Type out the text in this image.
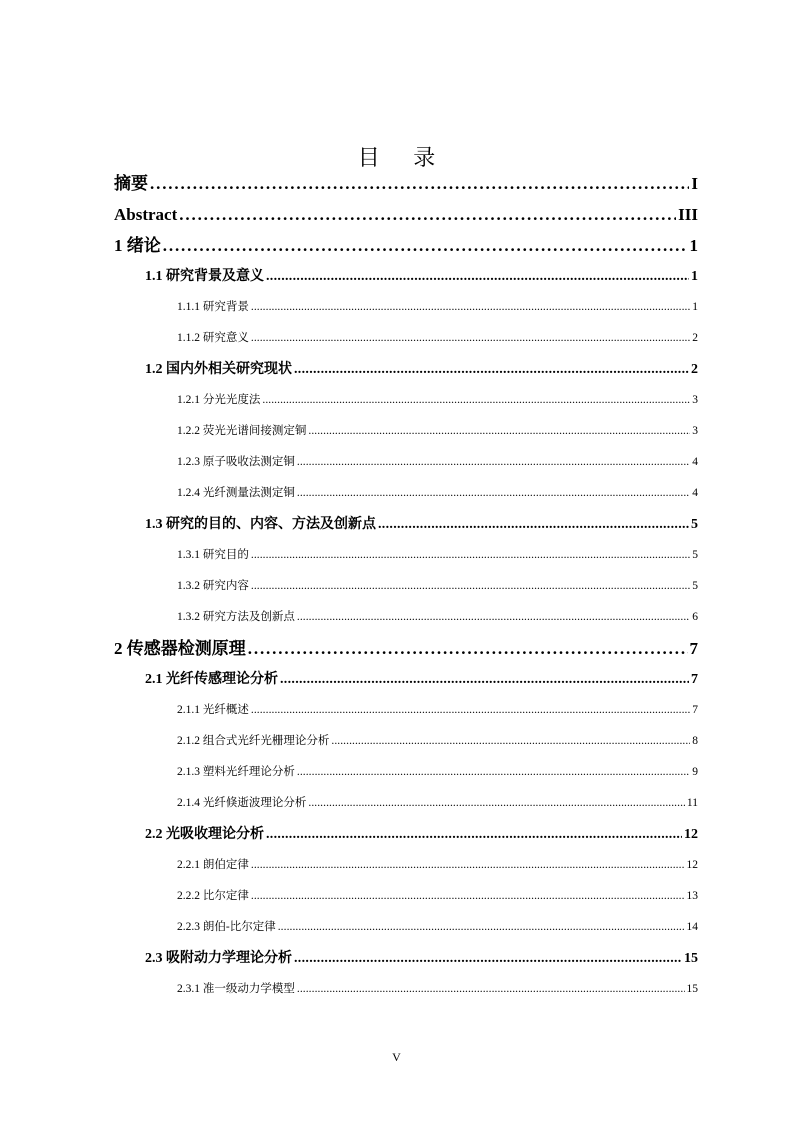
目 录
摘要 . . .	I
Abstract . . .	III
1 绪论 . . .	1
1.1 研究背景及意义 . . .	1
1.1.1 研究背景 . . .	1
1.1.2 研究意义 . . .	2
1.2 国内外相关研究现状 . . .	2
1.2.1 分光光度法 . . .	3
1.2.2 荧光光谱间接测定铜 . . .	3
1.2.3 原子吸收法测定铜 . . .	4
1.2.4 光纤测量法测定铜 . . .	4
1.3 研究的目的、内容、方法及创新点 . . .	5
1.3.1 研究目的 . . .	5
1.3.2 研究内容 . . .	5
1.3.2 研究方法及创新点 . . .	6
2 传感器检测原理 . . .	7
2.1 光纤传感理论分析 . . .	7
2.1.1 光纤概述 . . .	7
2.1.2 组合式光纤光栅理论分析 . . .	8
2.1.3 塑料光纤理论分析 . . .	9
2.1.4 光纤倏逝波理论分析 . . .	11
2.2 光吸收理论分析 . . .	12
2.2.1 朗伯定律 . . .	12
2.2.2 比尔定律 . . .	13
2.2.3 朗伯-比尔定律 . . .	14
2.3 吸附动力学理论分析 . . .	15
2.3.1 准一级动力学模型 . . .	15
V
